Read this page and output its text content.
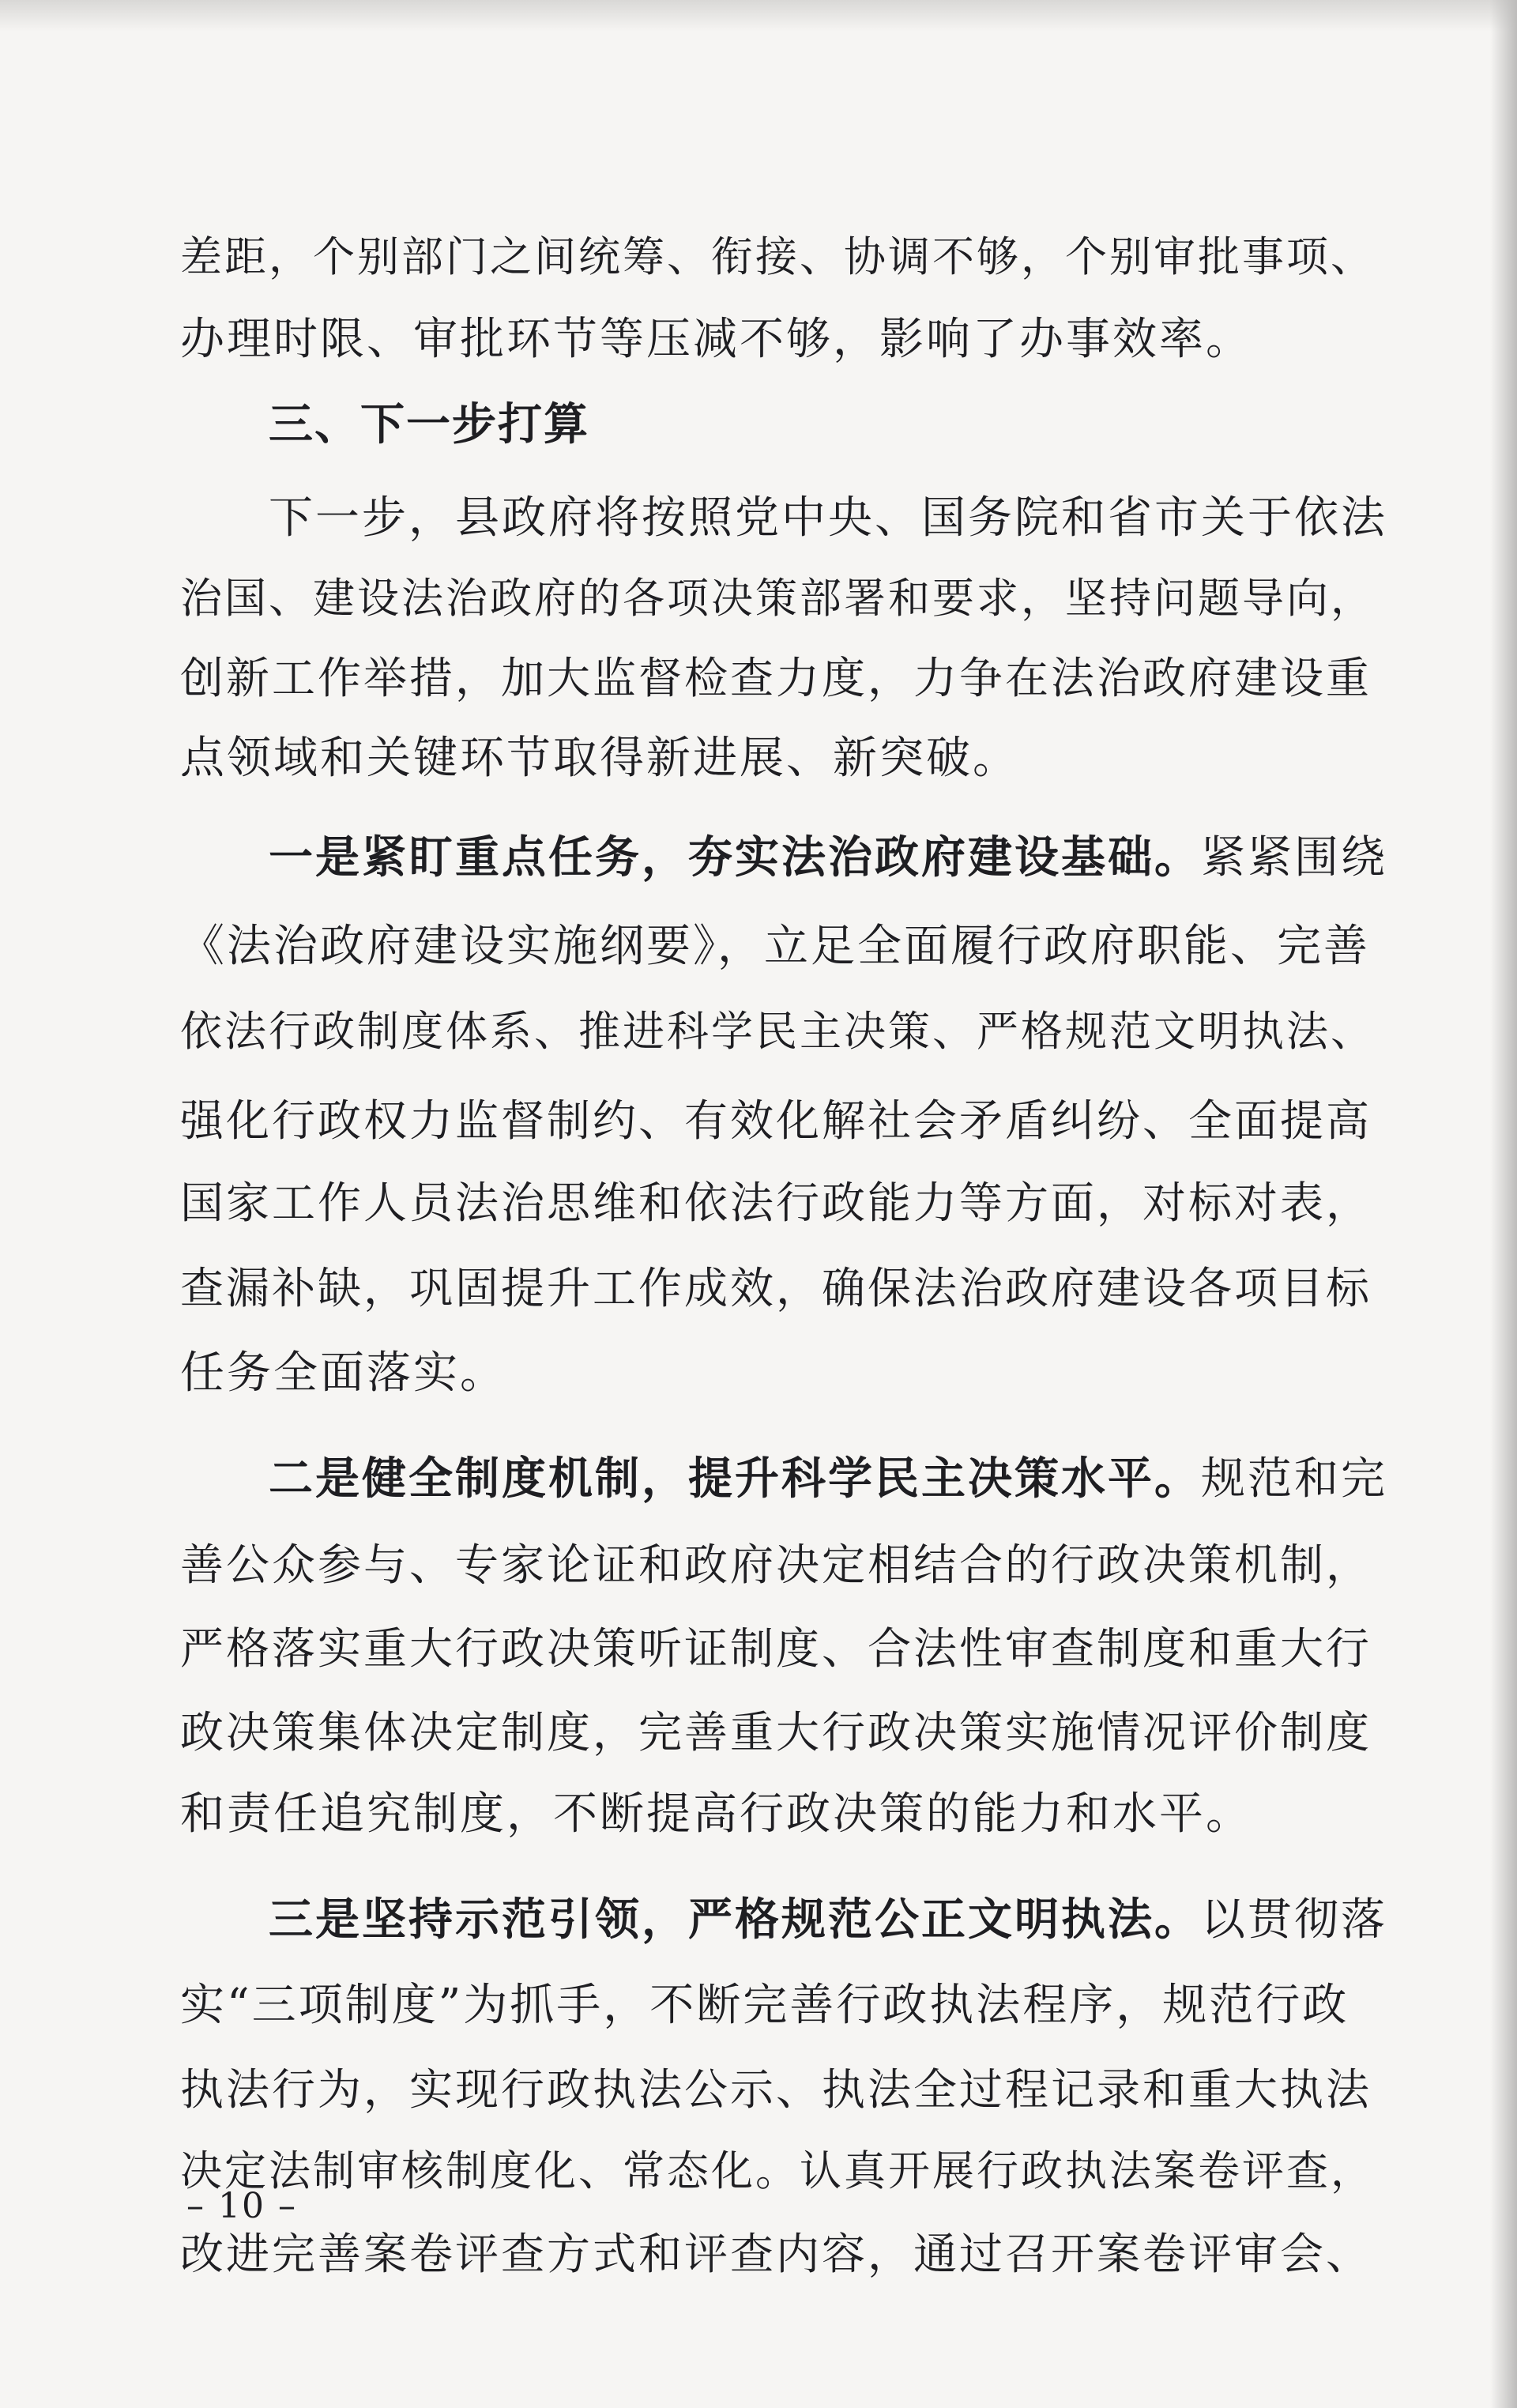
差距，个别部门之间统筹、衔接、协调不够，个别审批事项、
办理时限、审批环节等压减不够，影响了办事效率。
三、下一步打算
下一步，县政府将按照党中央、国务院和省市关于依法
治国、建设法治政府的各项决策部署和要求，坚持问题导向，
创新工作举措，加大监督检查力度，力争在法治政府建设重
点领域和关键环节取得新进展、新突破。
一是紧盯重点任务，夯实法治政府建设基础。紧紧围绕
《法治政府建设实施纲要》，立足全面履行政府职能、完善
依法行政制度体系、推进科学民主决策、严格规范文明执法、
强化行政权力监督制约、有效化解社会矛盾纠纷、全面提高
国家工作人员法治思维和依法行政能力等方面，对标对表，
查漏补缺，巩固提升工作成效，确保法治政府建设各项目标
任务全面落实。
二是健全制度机制，提升科学民主决策水平。规范和完
善公众参与、专家论证和政府决定相结合的行政决策机制，
严格落实重大行政决策听证制度、合法性审查制度和重大行
政决策集体决定制度，完善重大行政决策实施情况评价制度
和责任追究制度，不断提高行政决策的能力和水平。
三是坚持示范引领，严格规范公正文明执法。以贯彻落
实“三项制度”为抓手，不断完善行政执法程序，规范行政
执法行为，实现行政执法公示、执法全过程记录和重大执法
决定法制审核制度化、常态化。认真开展行政执法案卷评查，
改进完善案卷评查方式和评查内容，通过召开案卷评审会、
– 10 –
